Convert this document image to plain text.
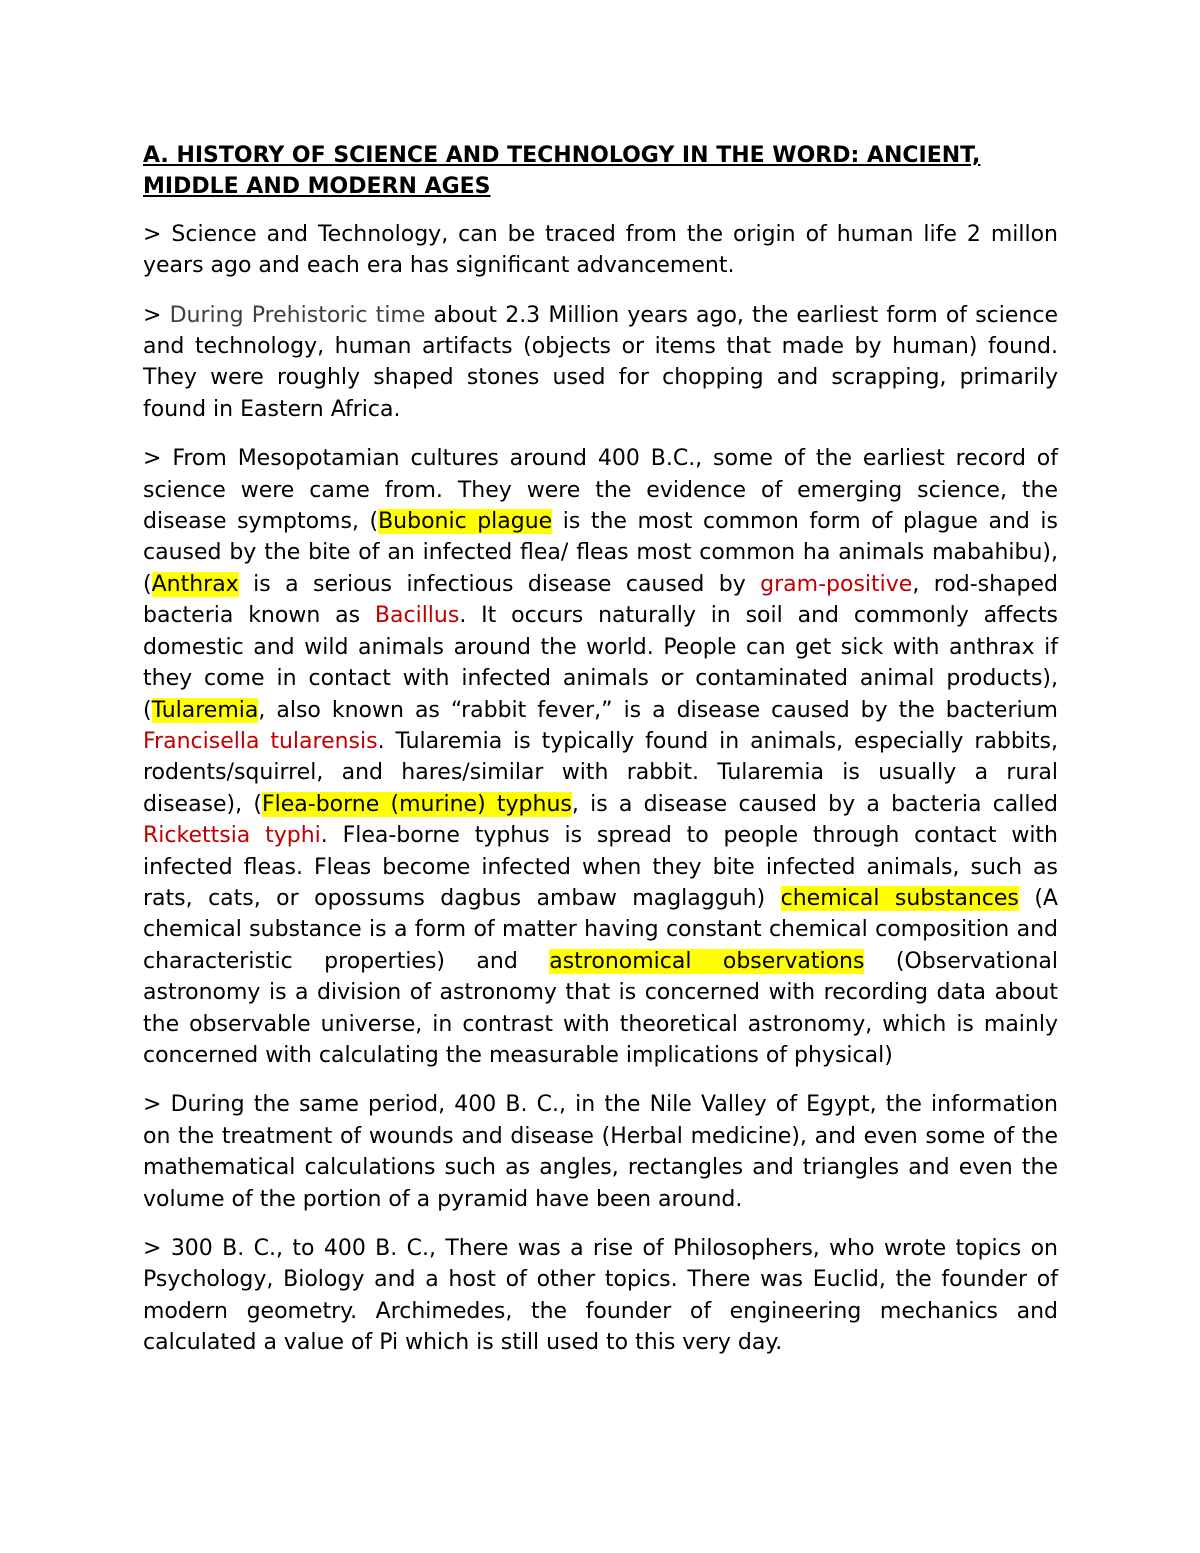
A. HISTORY OF SCIENCE AND TECHNOLOGY IN THE WORD: ANCIENT,
MIDDLE AND MODERN AGES

> Science and Technology, can be traced from the origin of human life 2 millon years ago and each era has significant advancement.

> During Prehistoric time about 2.3 Million years ago, the earliest form of science and technology, human artifacts (objects or items that made by human) found. They were roughly shaped stones used for chopping and scrapping, primarily found in Eastern Africa.

> From Mesopotamian cultures around 400 B.C., some of the earliest record of science were came from. They were the evidence of emerging science, the disease symptoms, (Bubonic plague is the most common form of plague and is caused by the bite of an infected flea/ fleas most common ha animals mabahibu), (Anthrax is a serious infectious disease caused by gram-positive, rod-shaped bacteria known as Bacillus. It occurs naturally in soil and commonly affects domestic and wild animals around the world. People can get sick with anthrax if they come in contact with infected animals or contaminated animal products), (Tularemia, also known as “rabbit fever,” is a disease caused by the bacterium Francisella tularensis. Tularemia is typically found in animals, especially rabbits, rodents/squirrel, and hares/similar with rabbit. Tularemia is usually a rural disease), (Flea-borne (murine) typhus, is a disease caused by a bacteria called Rickettsia typhi. Flea-borne typhus is spread to people through contact with infected fleas. Fleas become infected when they bite infected animals, such as rats, cats, or opossums dagbus ambaw maglagguh) chemical substances (A chemical substance is a form of matter having constant chemical composition and characteristic properties) and astronomical observations (Observational astronomy is a division of astronomy that is concerned with recording data about the observable universe, in contrast with theoretical astronomy, which is mainly concerned with calculating the measurable implications of physical)

> During the same period, 400 B. C., in the Nile Valley of Egypt, the information on the treatment of wounds and disease (Herbal medicine), and even some of the mathematical calculations such as angles, rectangles and triangles and even the volume of the portion of a pyramid have been around.

> 300 B. C., to 400 B. C., There was a rise of Philosophers, who wrote topics on Psychology, Biology and a host of other topics. There was Euclid, the founder of modern geometry. Archimedes, the founder of engineering mechanics and calculated a value of Pi which is still used to this very day.
